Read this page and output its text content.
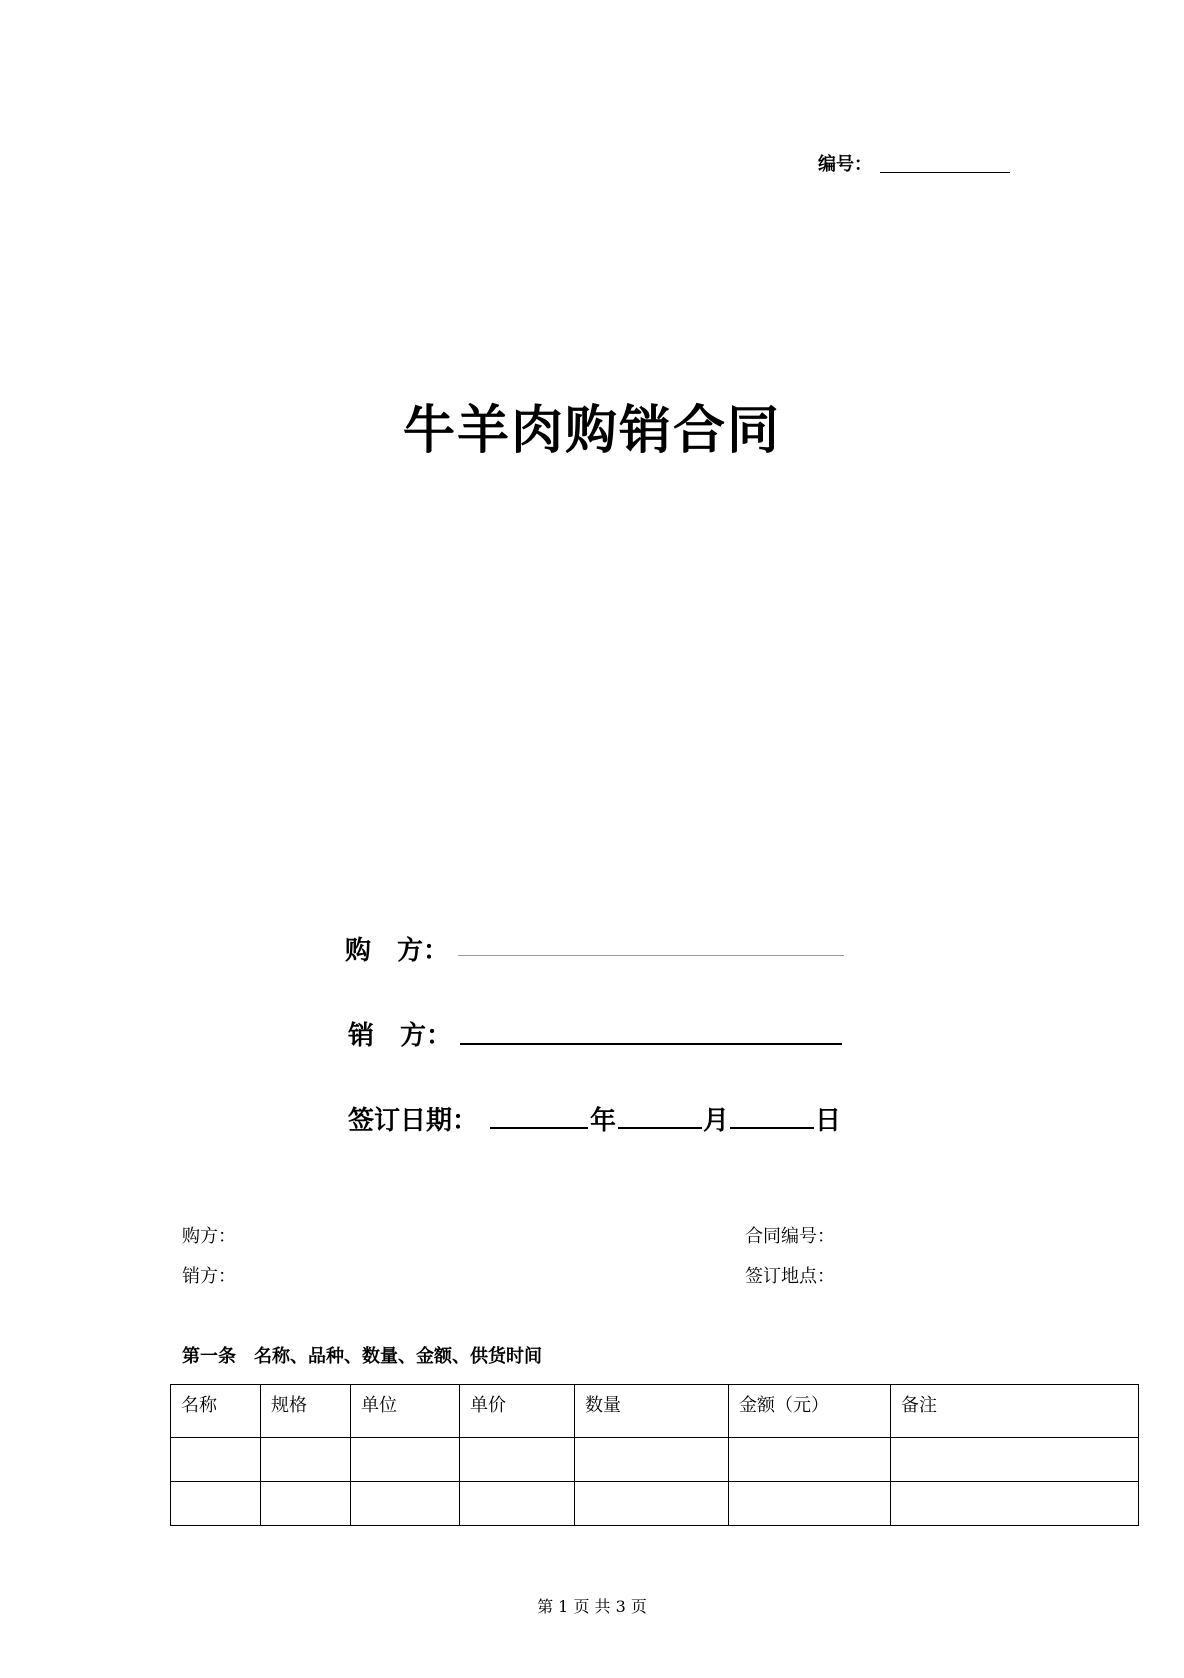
编号：
牛羊肉购销合同
购　方：
销　方：
签订日期：	年	月	日
购方：	合同编号：
销方：	签订地点：
第一条　名称、品种、数量、金额、供货时间
名称	规格	单位	单价	数量	金额（元）	备注

第 1 页 共 3 页
